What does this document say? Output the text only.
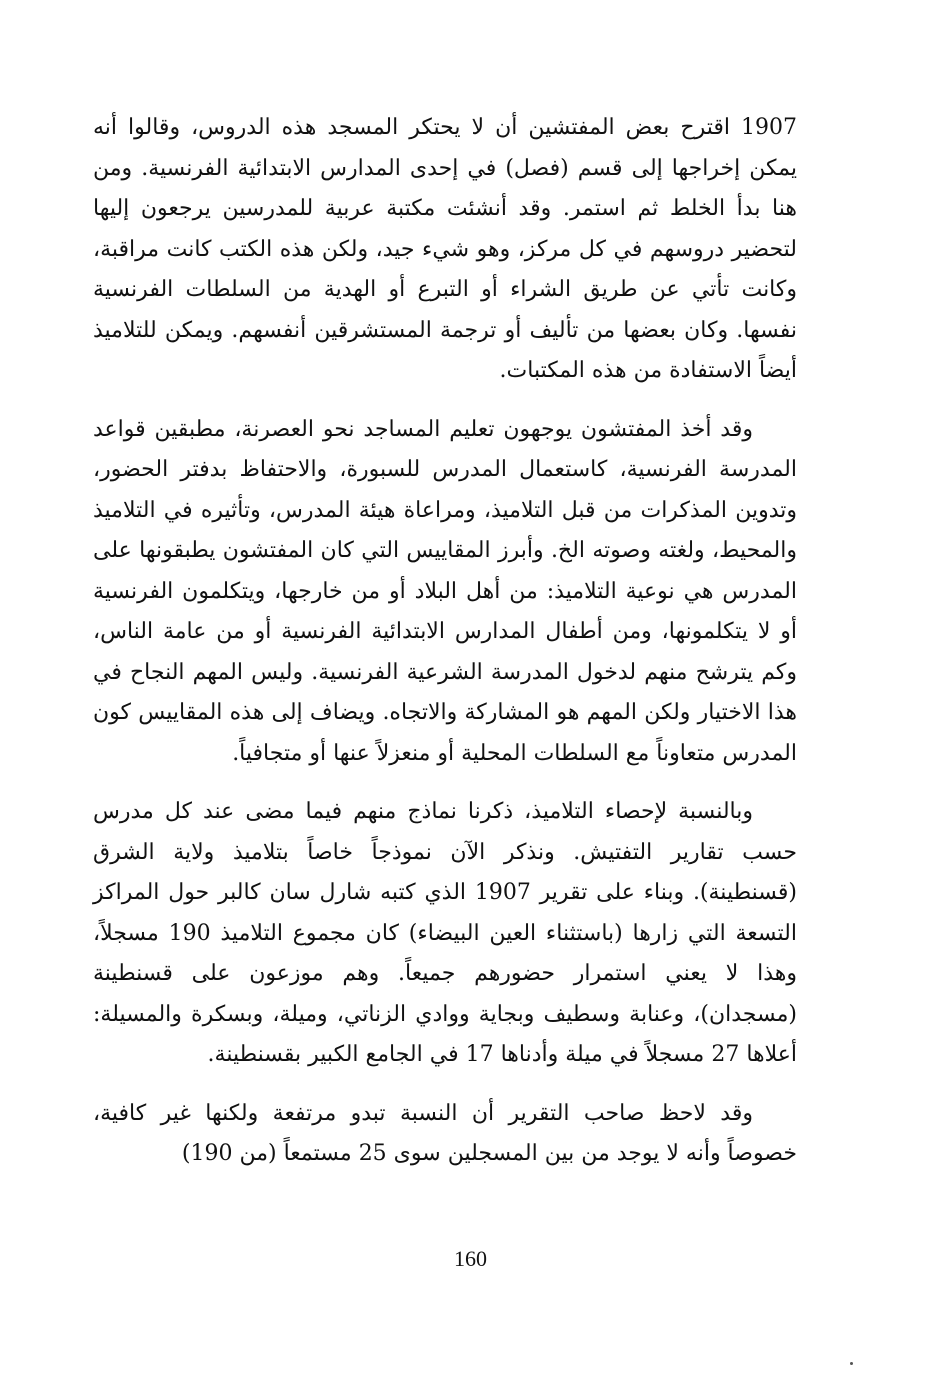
1907 اقترح بعض المفتشين أن لا يحتكر المسجد هذه الدروس، وقالوا أنه يمكن إخراجها إلى قسم (فصل) في إحدى المدارس الابتدائية الفرنسية. ومن هنا بدأ الخلط ثم استمر. وقد أنشئت مكتبة عربية للمدرسين يرجعون إليها لتحضير دروسهم في كل مركز، وهو شيء جيد، ولكن هذه الكتب كانت مراقبة، وكانت تأتي عن طريق الشراء أو التبرع أو الهدية من السلطات الفرنسية نفسها. وكان بعضها من تأليف أو ترجمة المستشرقين أنفسهم. ويمكن للتلاميذ أيضاً الاستفادة من هذه المكتبات.

وقد أخذ المفتشون يوجهون تعليم المساجد نحو العصرنة، مطبقين قواعد المدرسة الفرنسية، كاستعمال المدرس للسبورة، والاحتفاظ بدفتر الحضور، وتدوين المذكرات من قبل التلاميذ، ومراعاة هيئة المدرس، وتأثيره في التلاميذ والمحيط، ولغته وصوته الخ. وأبرز المقاييس التي كان المفتشون يطبقونها على المدرس هي نوعية التلاميذ: من أهل البلاد أو من خارجها، ويتكلمون الفرنسية أو لا يتكلمونها، ومن أطفال المدارس الابتدائية الفرنسية أو من عامة الناس، وكم يترشح منهم لدخول المدرسة الشرعية الفرنسية. وليس المهم النجاح في هذا الاختيار ولكن المهم هو المشاركة والاتجاه. ويضاف إلى هذه المقاييس كون المدرس متعاوناً مع السلطات المحلية أو منعزلاً عنها أو متجافياً.

وبالنسبة لإحصاء التلاميذ، ذكرنا نماذج منهم فيما مضى عند كل مدرس حسب تقارير التفتيش. ونذكر الآن نموذجاً خاصاً بتلاميذ ولاية الشرق (قسنطينة). وبناء على تقرير 1907 الذي كتبه شارل سان كالبر حول المراكز التسعة التي زارها (باستثناء العين البيضاء) كان مجموع التلاميذ 190 مسجلاً، وهذا لا يعني استمرار حضورهم جميعاً. وهم موزعون على قسنطينة (مسجدان)، وعنابة وسطيف وبجاية ووادي الزناتي، وميلة، وبسكرة والمسيلة: أعلاها 27 مسجلاً في ميلة وأدناها 17 في الجامع الكبير بقسنطينة.

وقد لاحظ صاحب التقرير أن النسبة تبدو مرتفعة ولكنها غير كافية، خصوصاً وأنه لا يوجد من بين المسجلين سوى 25 مستمعاً (من 190)

160
